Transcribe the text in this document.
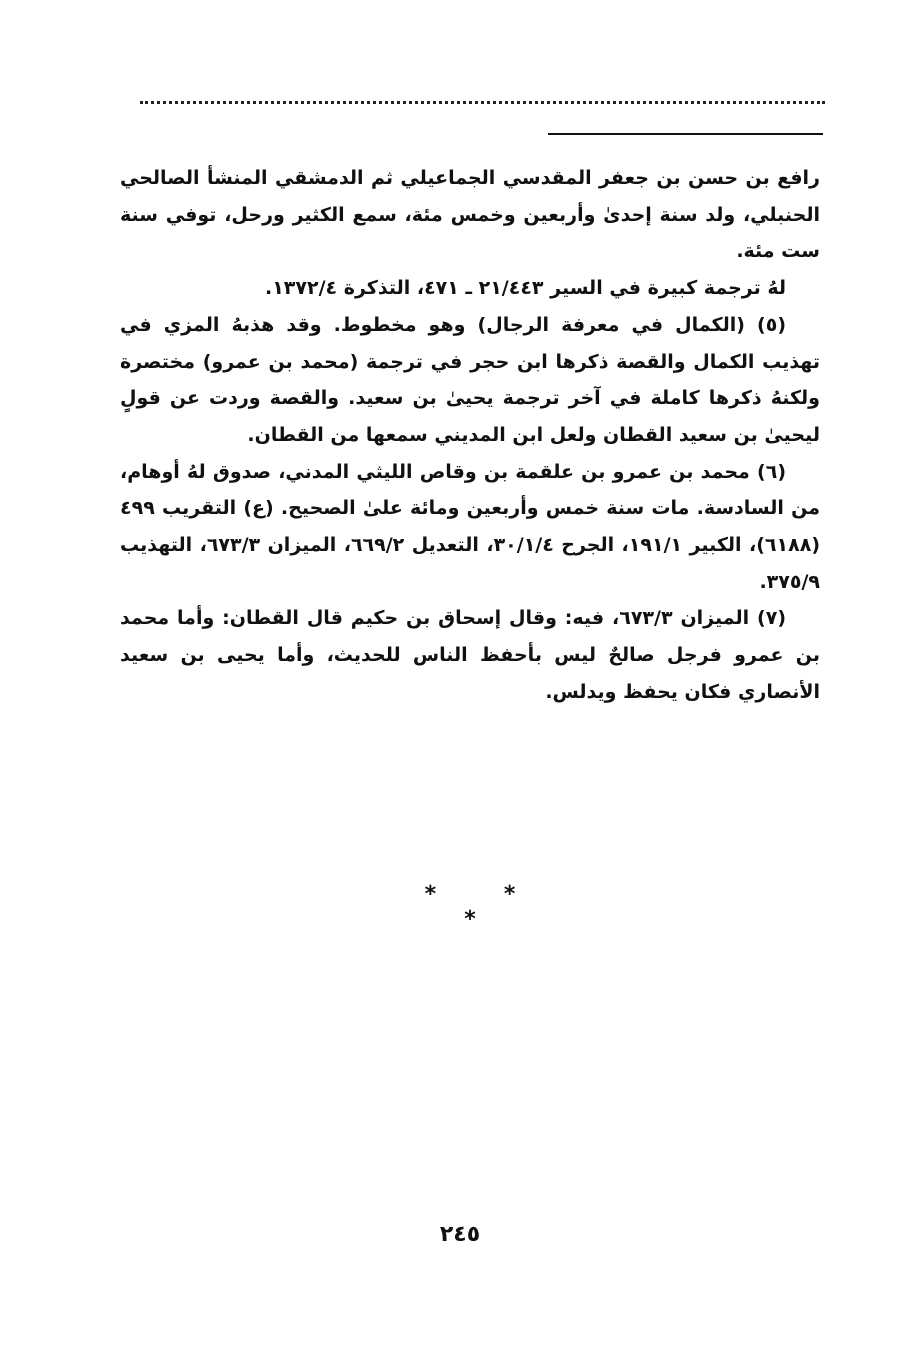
رافع بن حسن بن جعفر المقدسي الجماعيلي ثم الدمشقي المنشأ الصالحي الحنبلي، ولد سنة إحدىٰ وأربعين وخمس مئة، سمع الكثير ورحل، توفي سنة ست مئة.

لهُ ترجمة كبيرة في السير ٢١/٤٤٣ ـ ٤٧١، التذكرة ١٣٧٢/٤.

(٥) (الكمال في معرفة الرجال) وهو مخطوط. وقد هذبهُ المزي في تهذيب الكمال والقصة ذكرها ابن حجر في ترجمة (محمد بن عمرو) مختصرة ولكنهُ ذكرها كاملة في آخر ترجمة يحيىٰ بن سعيد. والقصة وردت عن قولٍ ليحيىٰ بن سعيد القطان ولعل ابن المديني سمعها من القطان.

(٦) محمد بن عمرو بن علقمة بن وقاص الليثي المدني، صدوق لهُ أوهام، من السادسة. مات سنة خمس وأربعين ومائة علىٰ الصحيح. (ع) التقريب ٤٩٩ (٦١٨٨)، الكبير ١٩١/١، الجرح ٣٠/١/٤، التعديل ٦٦٩/٢، الميزان ٦٧٣/٣، التهذيب ٣٧٥/٩.

(٧) الميزان ٦٧٣/٣، فيه: وقال إسحاق بن حكيم قال القطان: وأما محمد بن عمرو فرجل صالحٌ ليس بأحفظ الناس للحديث، وأما يحيى بن سعيد الأنصاري فكان يحفظ ويدلس.

* * *
٢٤٥
